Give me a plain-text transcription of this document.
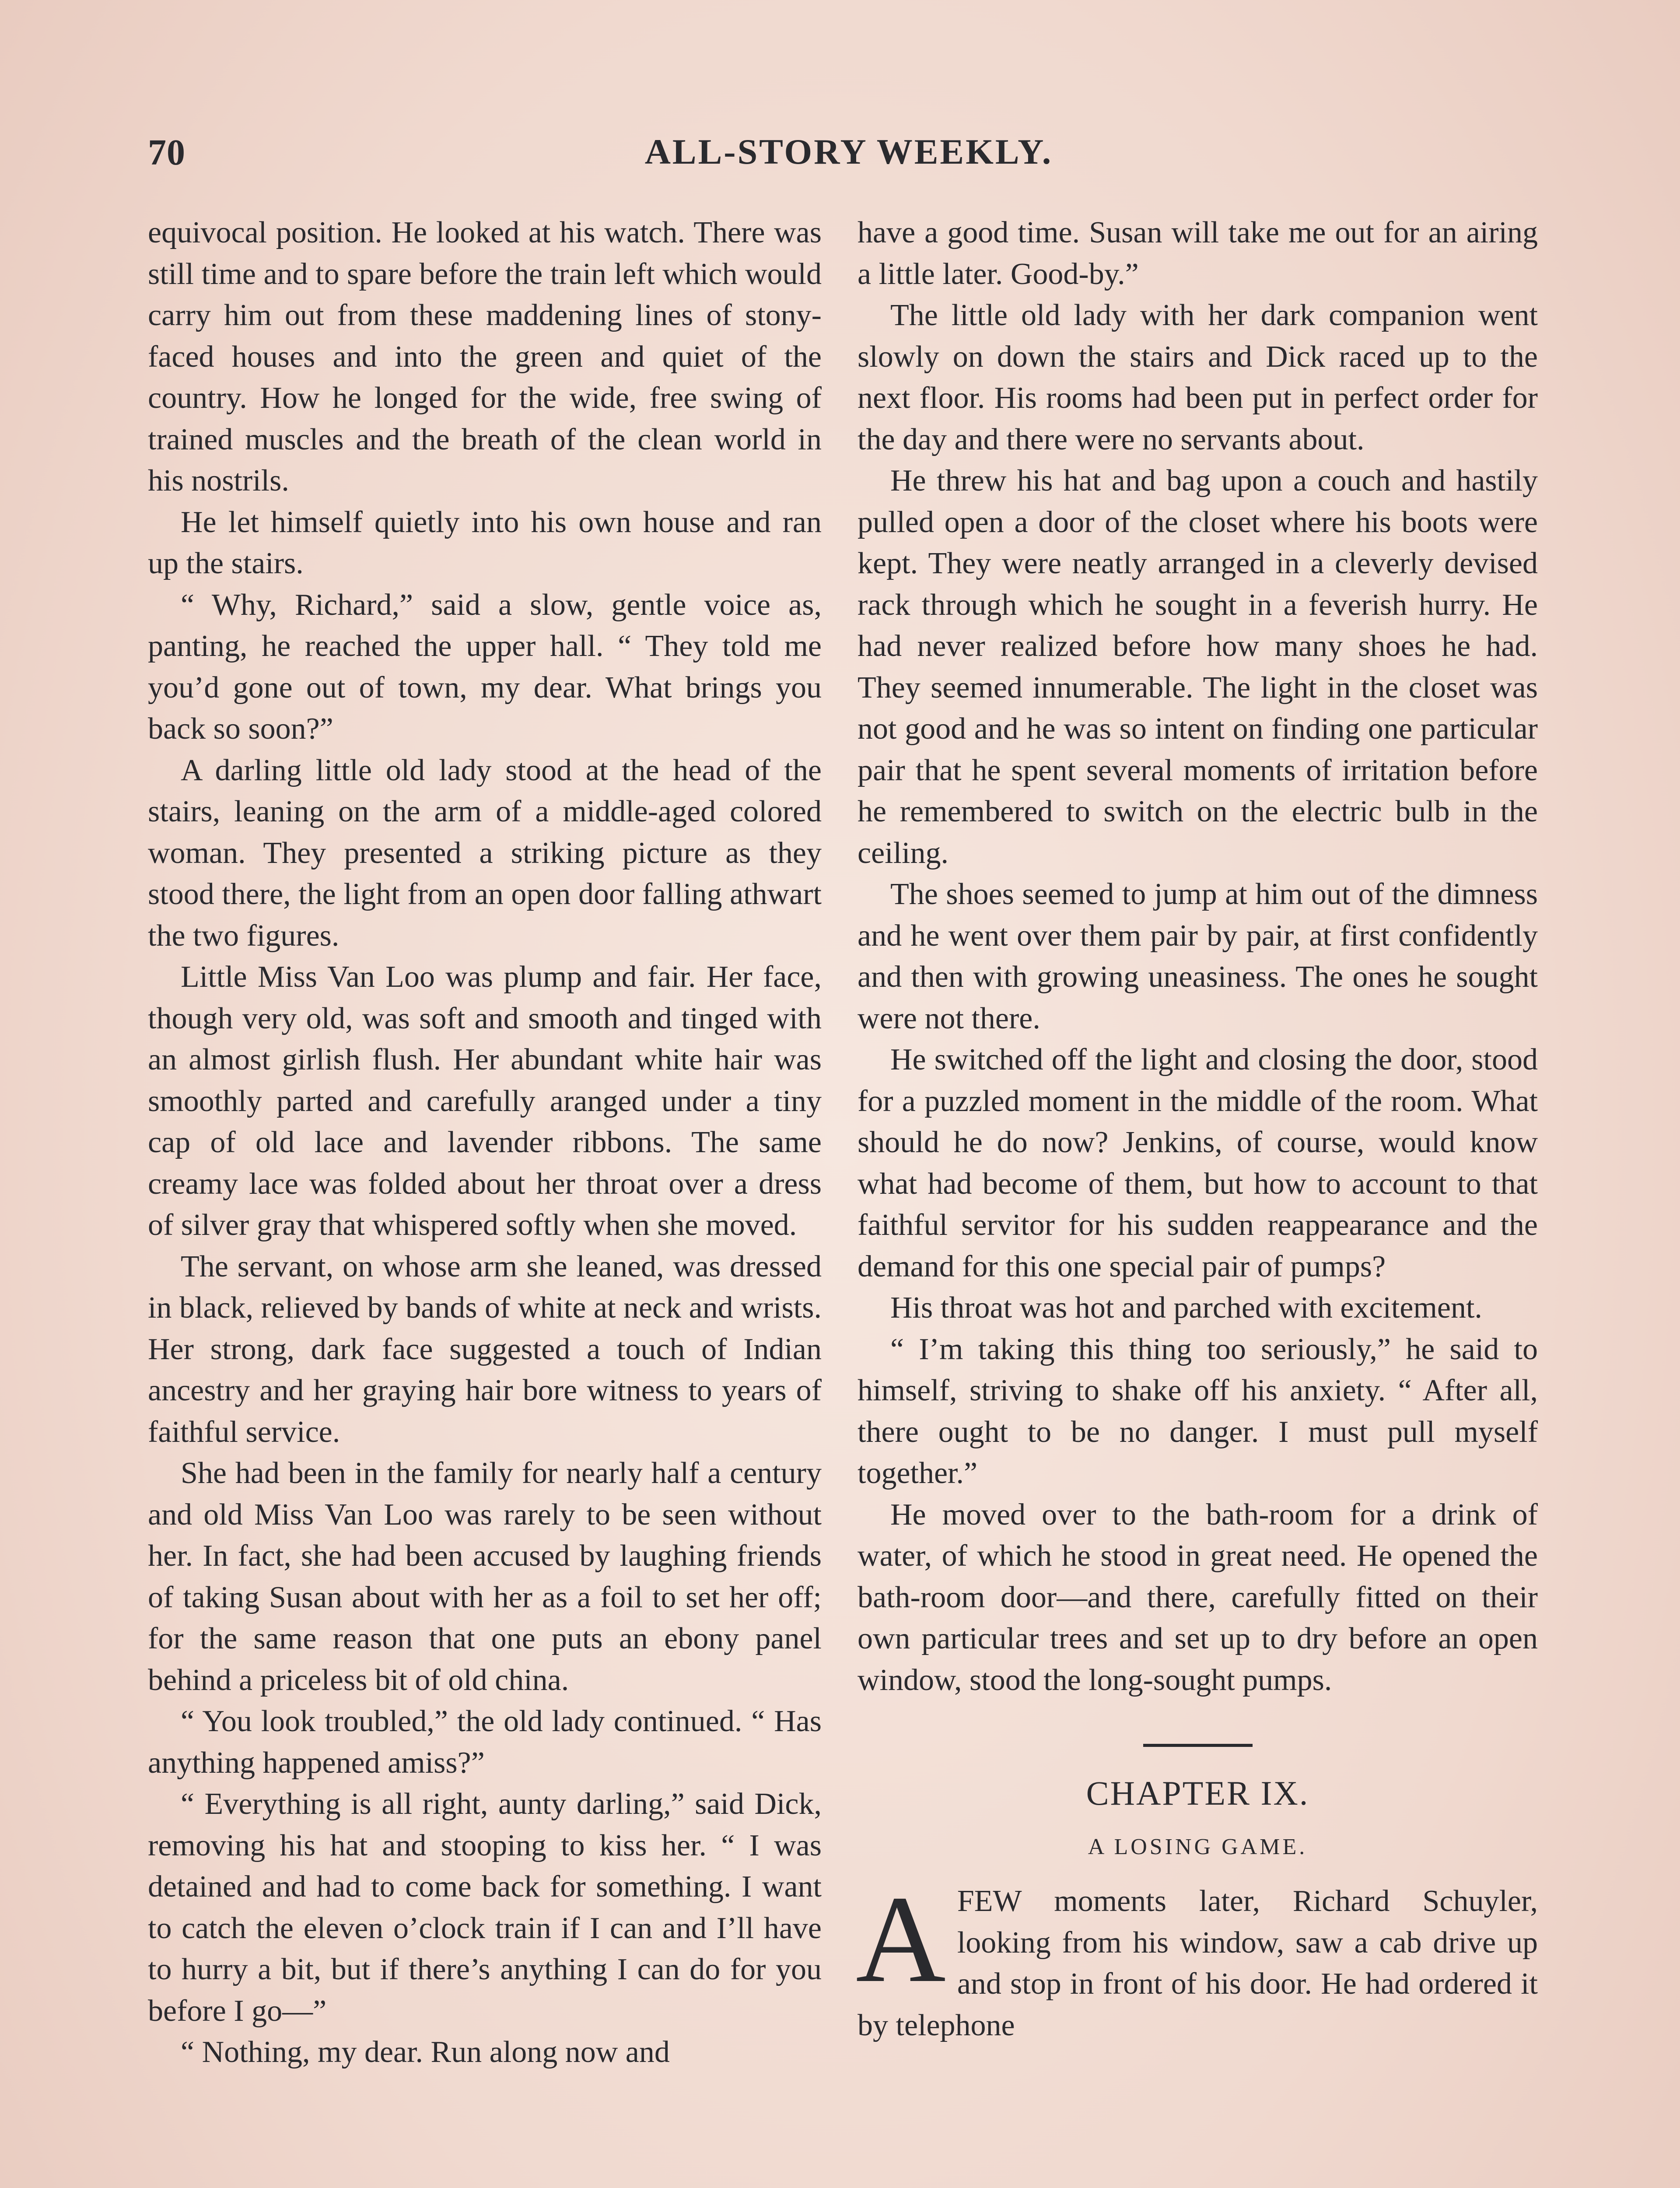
70	ALL-STORY WEEKLY.

equivocal position. He looked at his watch. There was still time and to spare before the train left which would carry him out from these maddening lines of stony-faced houses and into the green and quiet of the country. How he longed for the wide, free swing of trained muscles and the breath of the clean world in his nostrils.

He let himself quietly into his own house and ran up the stairs.

“ Why, Richard,” said a slow, gentle voice as, panting, he reached the upper hall. “ They told me you’d gone out of town, my dear. What brings you back so soon?”

A darling little old lady stood at the head of the stairs, leaning on the arm of a middle-aged colored woman. They presented a striking picture as they stood there, the light from an open door falling athwart the two figures.

Little Miss Van Loo was plump and fair. Her face, though very old, was soft and smooth and tinged with an almost girlish flush. Her abundant white hair was smoothly parted and carefully aranged under a tiny cap of old lace and lavender ribbons. The same creamy lace was folded about her throat over a dress of silver gray that whispered softly when she moved.

The servant, on whose arm she leaned, was dressed in black, relieved by bands of white at neck and wrists. Her strong, dark face suggested a touch of Indian ancestry and her graying hair bore witness to years of faithful service.

She had been in the family for nearly half a century and old Miss Van Loo was rarely to be seen without her. In fact, she had been accused by laughing friends of taking Susan about with her as a foil to set her off; for the same reason that one puts an ebony panel behind a priceless bit of old china.

“ You look troubled,” the old lady continued. “ Has anything happened amiss?”

“ Everything is all right, aunty darling,” said Dick, removing his hat and stooping to kiss her. “ I was detained and had to come back for something. I want to catch the eleven o’clock train if I can and I’ll have to hurry a bit, but if there’s anything I can do for you before I go—”

“ Nothing, my dear. Run along now and

have a good time. Susan will take me out for an airing a little later. Good-by.”

The little old lady with her dark companion went slowly on down the stairs and Dick raced up to the next floor. His rooms had been put in perfect order for the day and there were no servants about.

He threw his hat and bag upon a couch and hastily pulled open a door of the closet where his boots were kept. They were neatly arranged in a cleverly devised rack through which he sought in a feverish hurry. He had never realized before how many shoes he had. They seemed innumerable. The light in the closet was not good and he was so intent on finding one particular pair that he spent several moments of irritation before he remembered to switch on the electric bulb in the ceiling.

The shoes seemed to jump at him out of the dimness and he went over them pair by pair, at first confidently and then with growing uneasiness. The ones he sought were not there.

He switched off the light and closing the door, stood for a puzzled moment in the middle of the room. What should he do now? Jenkins, of course, would know what had become of them, but how to account to that faithful servitor for his sudden reappearance and the demand for this one special pair of pumps?

His throat was hot and parched with excitement.

“ I’m taking this thing too seriously,” he said to himself, striving to shake off his anxiety. “ After all, there ought to be no danger. I must pull myself together.”

He moved over to the bath-room for a drink of water, of which he stood in great need. He opened the bath-room door—and there, carefully fitted on their own particular trees and set up to dry before an open window, stood the long-sought pumps.

CHAPTER IX.
A LOSING GAME.

AFEW moments later, Richard Schuyler, looking from his window, saw a cab drive up and stop in front of his door. He had ordered it by telephone
